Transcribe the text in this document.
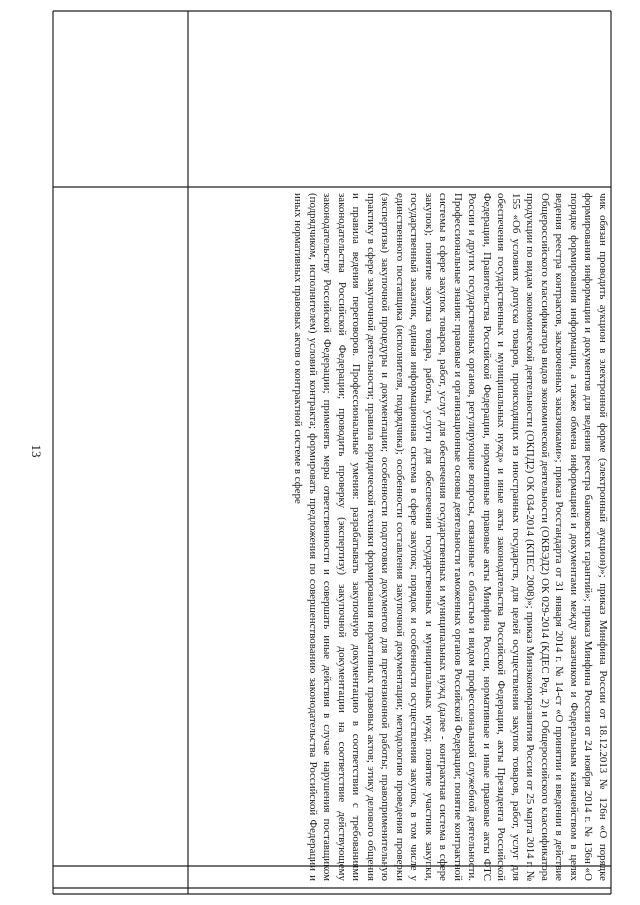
13	чик обязан проводить аукцион в электронной форме (электронный аукцион)»; приказ Минфина России от 18.12.2013 № 126н «О порядке формирования информации и документов для ведения реестра банковских гарантий»; приказ Минфина России от 24 ноября 2014 г. № 136н «О порядке формирования информации, а также обмена информацией и документами между заказчиком и Федеральным казначейством в целях ведения реестра контрактов, заключенных заказчиками»; приказ Росстандарта от 31 января 2014 г. № 14-ст «О принятии и введении в действие Общероссийского классификатора видов экономической деятельности (ОКВЭД2) ОК 029-2014 (КДЕС Ред. 2) и Общероссийского классификатора продукции по видам экономической деятельности (ОКПД2) ОК 034-2014 (КПЕС 2008)»; приказ Минэкономразвития России от 25 марта 2014 г. № 155 «Об условиях допуска товаров, происходящих из иностранных государств, для целей осуществления закупок товаров, работ, услуг для обеспечения государственных и муниципальных нужд» и иные акты законодательства Российской Федерации, акты Президента Российской Федерации, Правительства Российской Федерации, нормативные правовые акты Минфина России, нормативные и иные правовые акты ФТС России и других государственных органов, регулирующие вопросы, связанные с областью и видом профессиональной служебной деятельности. Профессиональные знания: правовые и организационные основы деятельности таможенных органов Российской Федерации; понятие контрактной системы в сфере закупок товаров, работ, услуг для обеспечения государственных и муниципальных нужд (далее - контрактная система в сфере закупок); понятие закупка товара, работы, услуги для обеспечения государственных и муниципальных нужд; понятие участник закупки, государственный заказчик, единая информационная система в сфере закупок; порядок и особенности осуществления закупок, в том числе у единственного поставщика (исполнителя, подрядчика); особенности составления закупочной документации; методологию проведения проверки (экспертизы) закупочной процедуры и документации; особенности подготовки документов для претензионной работы; правоприменительную практику в сфере закупочной деятельности; правила юридической техники формирования нормативных правовых актов; этику делового общения и правила ведения переговоров. Профессиональные умения: разрабатывать закупочную документацию в соответствии с требованиями законодательства Российской Федерации; проводить проверку (экспертизу) закупочной документации на соответствие действующему законодательству Российской Федерации; применять меры ответственности и совершать иные действия в случае нарушения поставщиком (подрядчиком, исполнителем) условий контракта; формировать предложения по совершенствованию законодательства Российской Федерации и иных нормативных правовых актов о контрактной системе в сфере
